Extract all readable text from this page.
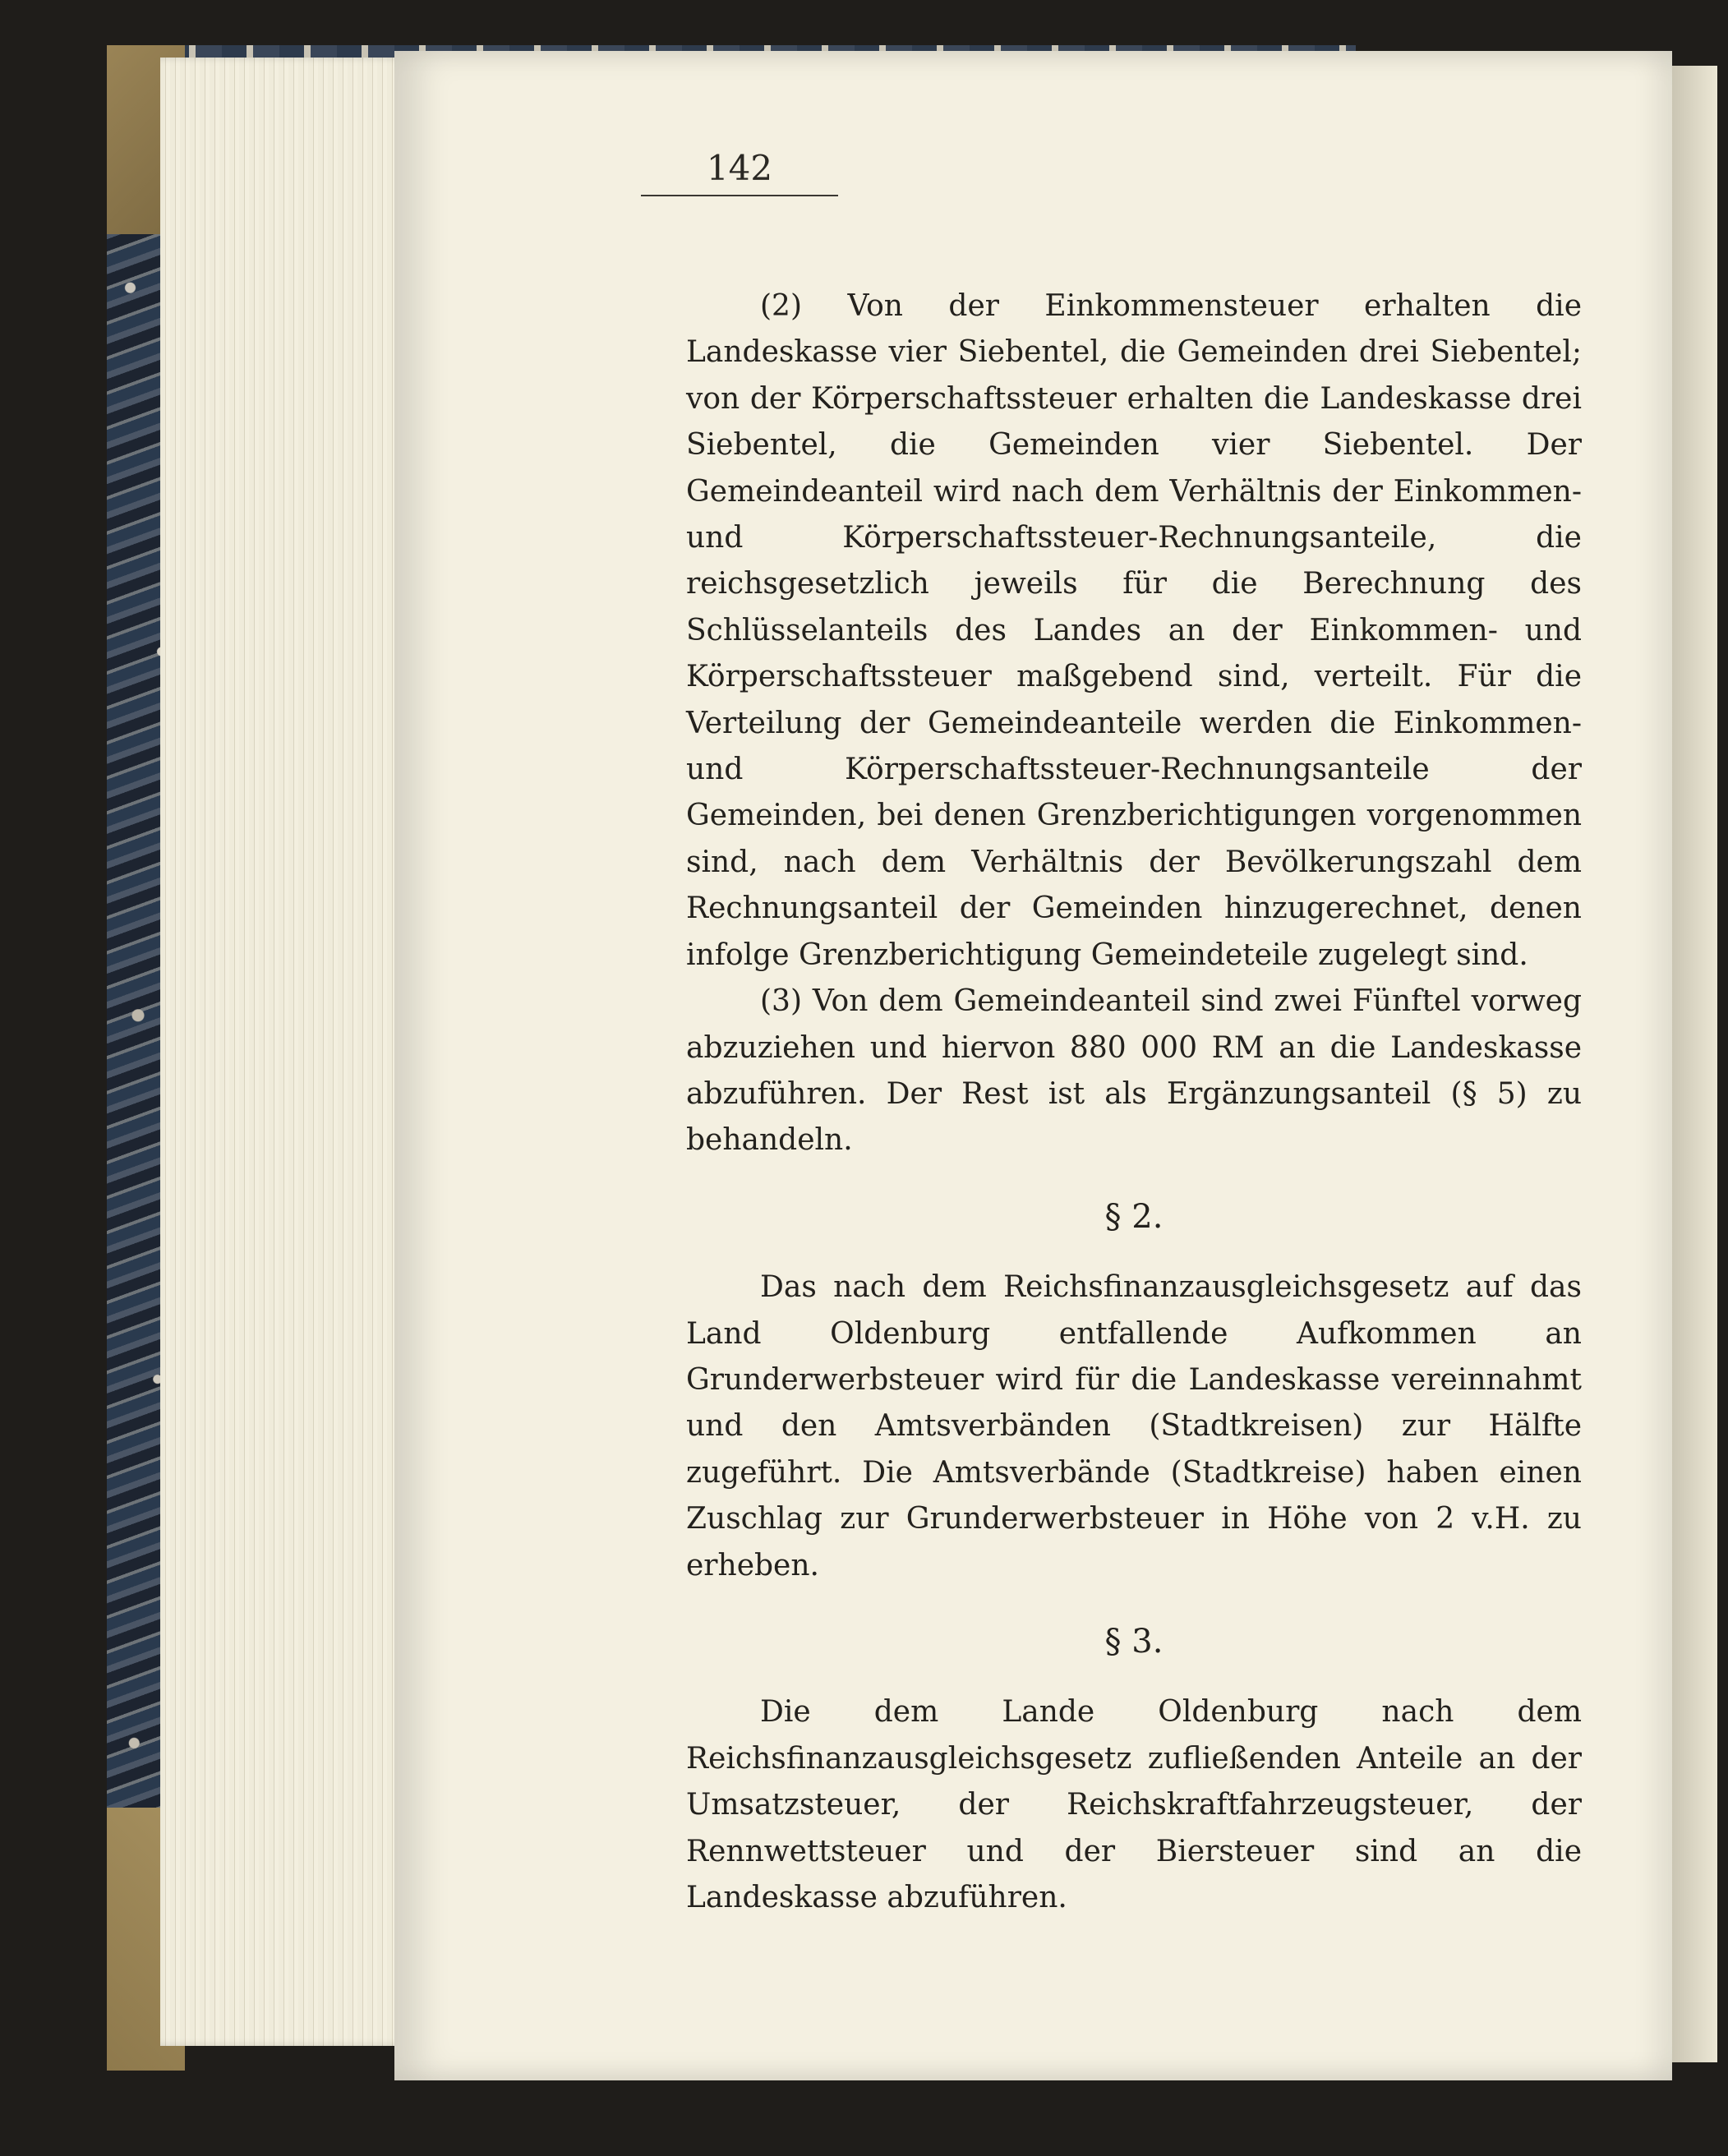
142

(2) Von der Einkommensteuer erhalten die Landeskasse vier Siebentel, die Gemeinden drei Siebentel; von der Körperschaftssteuer erhalten die Landeskasse drei Siebentel, die Gemeinden vier Siebentel. Der Gemeindeanteil wird nach dem Verhältnis der Einkommen- und Körperschaftssteuer-Rechnungsanteile, die reichsgesetzlich jeweils für die Berechnung des Schlüsselanteils des Landes an der Einkommen- und Körperschaftssteuer maßgebend sind, verteilt. Für die Verteilung der Gemeindeanteile werden die Einkommen- und Körperschaftssteuer-Rechnungsanteile der Gemeinden, bei denen Grenzberichtigungen vorgenommen sind, nach dem Verhältnis der Bevölkerungszahl dem Rechnungsanteil der Gemeinden hinzugerechnet, denen infolge Grenzberichtigung Gemeindeteile zugelegt sind.

(3) Von dem Gemeindeanteil sind zwei Fünftel vorweg abzuziehen und hiervon 880 000 RM an die Landeskasse abzuführen. Der Rest ist als Ergänzungsanteil (§ 5) zu behandeln.

§ 2.

Das nach dem Reichsfinanzausgleichsgesetz auf das Land Oldenburg entfallende Aufkommen an Grunderwerbsteuer wird für die Landeskasse vereinnahmt und den Amtsverbänden (Stadtkreisen) zur Hälfte zugeführt. Die Amtsverbände (Stadtkreise) haben einen Zuschlag zur Grunderwerbsteuer in Höhe von 2 v.H. zu erheben.

§ 3.

Die dem Lande Oldenburg nach dem Reichsfinanzausgleichsgesetz zufließenden Anteile an der Umsatzsteuer, der Reichskraftfahrzeugsteuer, der Rennwettsteuer und der Biersteuer sind an die Landeskasse abzuführen.
